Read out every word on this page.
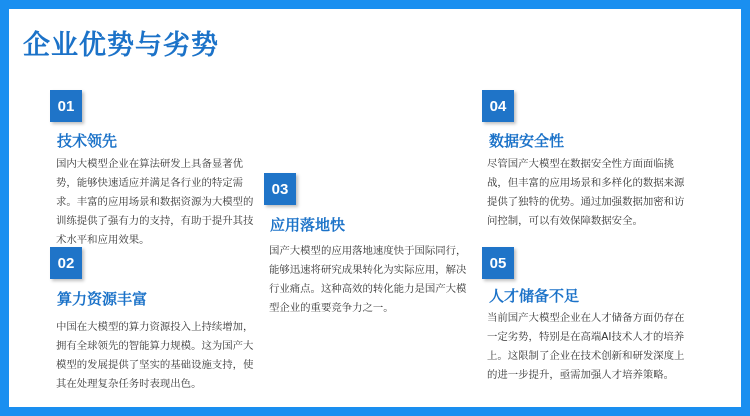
企业优势与劣势
01
技术领先
国内大模型企业在算法研发上具备显著优势，能够快速适应并满足各行业的特定需求。丰富的应用场景和数据资源为大模型的训练提供了强有力的支持，有助于提升其技术水平和应用效果。
02
算力资源丰富
中国在大模型的算力资源投入上持续增加，拥有全球领先的智能算力规模。这为国产大模型的发展提供了坚实的基础设施支持，使其在处理复杂任务时表现出色。
03
应用落地快
国产大模型的应用落地速度快于国际同行，能够迅速将研究成果转化为实际应用，解决行业痛点。这种高效的转化能力是国产大模型企业的重要竞争力之一。
04
数据安全性
尽管国产大模型在数据安全性方面面临挑战，但丰富的应用场景和多样化的数据来源提供了独特的优势。通过加强数据加密和访问控制，可以有效保障数据安全。
05
人才储备不足
当前国产大模型企业在人才储备方面仍存在一定劣势，特别是在高端AI技术人才的培养上。这限制了企业在技术创新和研发深度上的进一步提升，亟需加强人才培养策略。
